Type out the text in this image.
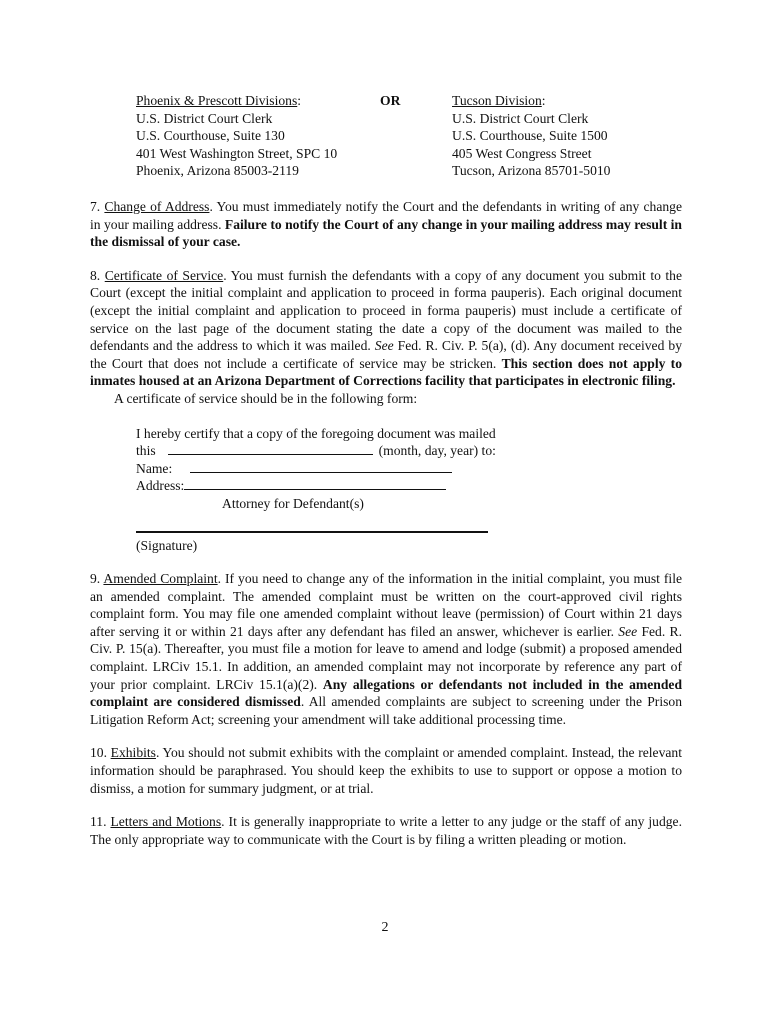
Phoenix & Prescott Divisions:
U.S. District Court Clerk
U.S. Courthouse, Suite 130
401 West Washington Street, SPC 10
Phoenix, Arizona 85003-2119
OR	Tucson Division:
U.S. District Court Clerk
U.S. Courthouse, Suite 1500
405 West Congress Street
Tucson, Arizona 85701-5010

7. Change of Address. You must immediately notify the Court and the defendants in writing of any change in your mailing address. Failure to notify the Court of any change in your mailing address may result in the dismissal of your case.

8. Certificate of Service. You must furnish the defendants with a copy of any document you submit to the Court (except the initial complaint and application to proceed in forma pauperis). Each original document (except the initial complaint and application to proceed in forma pauperis) must include a certificate of service on the last page of the document stating the date a copy of the document was mailed to the defendants and the address to which it was mailed. See Fed. R. Civ. P. 5(a), (d). Any document received by the Court that does not include a certificate of service may be stricken. This section does not apply to inmates housed at an Arizona Department of Corrections facility that participates in electronic filing.

A certificate of service should be in the following form:
I hereby certify that a copy of the foregoing document was mailed
this	(month, day, year) to:
Name:
Address:
Attorney for Defendant(s)
(Signature)

9. Amended Complaint. If you need to change any of the information in the initial complaint, you must file an amended complaint. The amended complaint must be written on the court-approved civil rights complaint form. You may file one amended complaint without leave (permission) of Court within 21 days after serving it or within 21 days after any defendant has filed an answer, whichever is earlier. See Fed. R. Civ. P. 15(a). Thereafter, you must file a motion for leave to amend and lodge (submit) a proposed amended complaint. LRCiv 15.1. In addition, an amended complaint may not incorporate by reference any part of your prior complaint. LRCiv 15.1(a)(2). Any allegations or defendants not included in the amended complaint are considered dismissed. All amended complaints are subject to screening under the Prison Litigation Reform Act; screening your amendment will take additional processing time.

10. Exhibits. You should not submit exhibits with the complaint or amended complaint. Instead, the relevant information should be paraphrased. You should keep the exhibits to use to support or oppose a motion to dismiss, a motion for summary judgment, or at trial.

11. Letters and Motions. It is generally inappropriate to write a letter to any judge or the staff of any judge. The only appropriate way to communicate with the Court is by filing a written pleading or motion.

2
